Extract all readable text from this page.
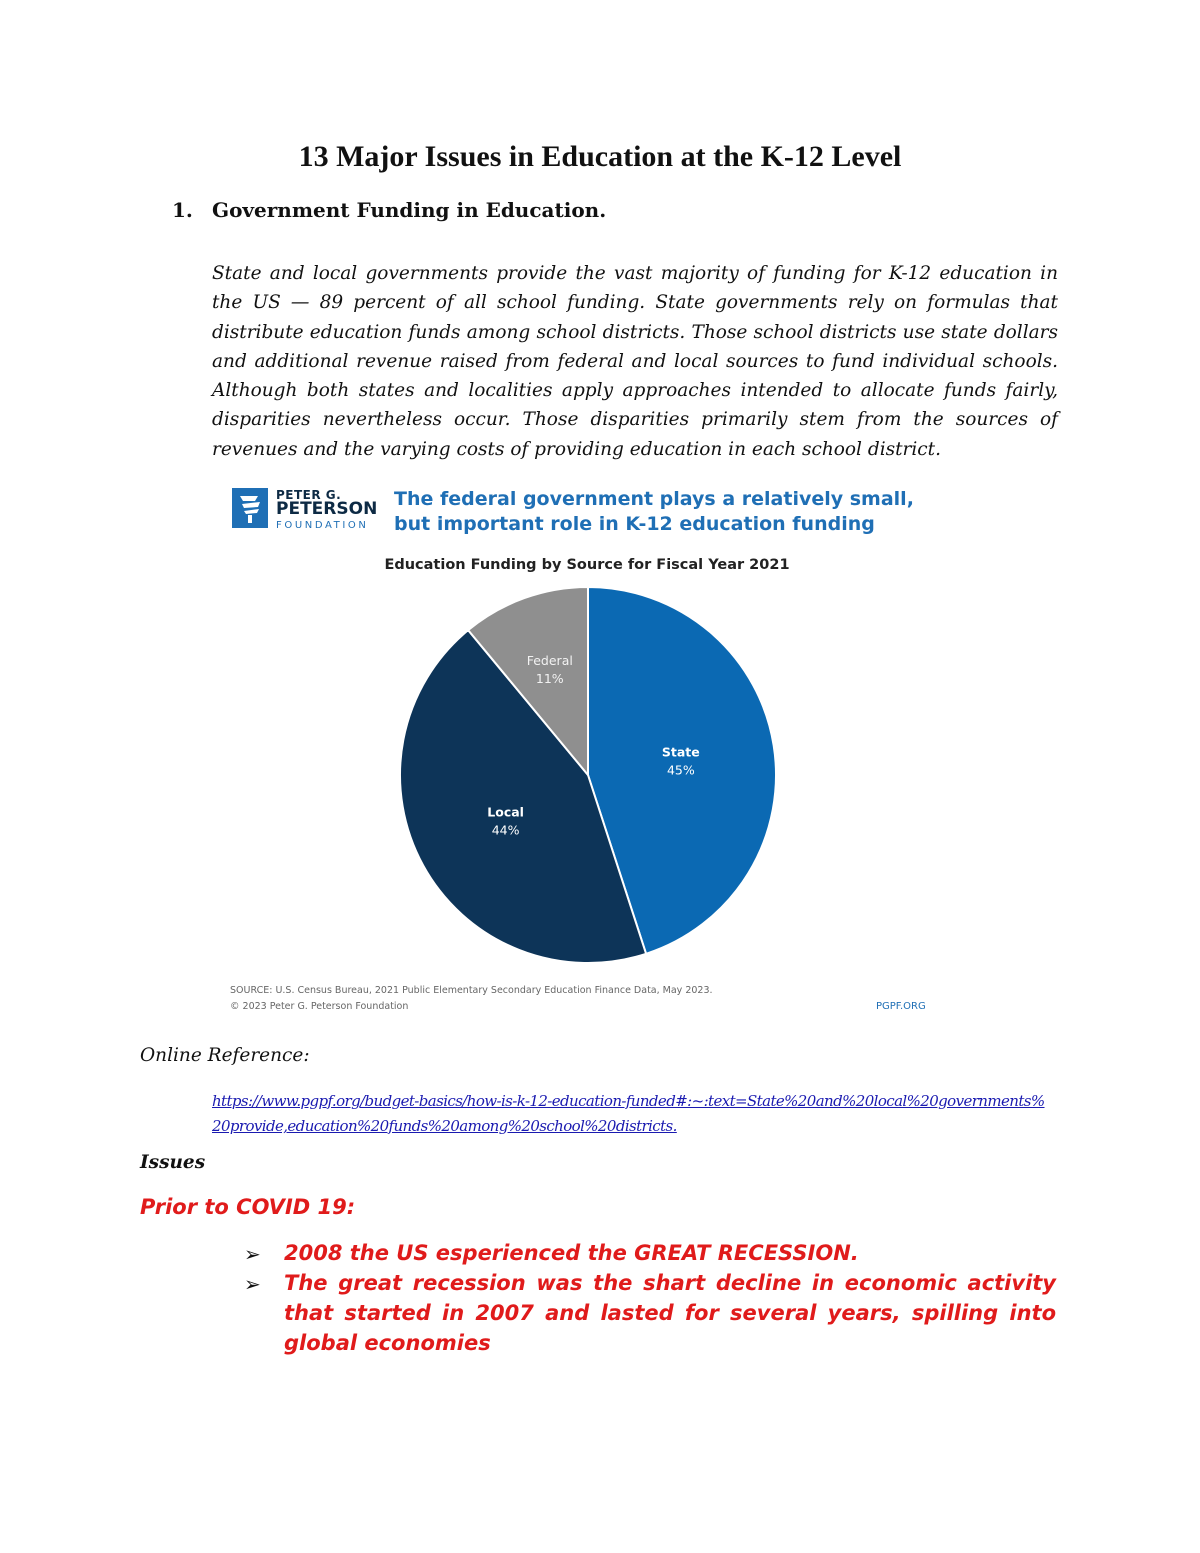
13 Major Issues in Education at the K-12 Level
1. Government Funding in Education.
State and local governments provide the vast majority of funding for K-12 education in the US — 89 percent of all school funding. State governments rely on formulas that distribute education funds among school districts. Those school districts use state dollars and additional revenue raised from federal and local sources to fund individual schools. Although both states and localities apply approaches intended to allocate funds fairly, disparities nevertheless occur. Those disparities primarily stem from the sources of revenues and the varying costs of providing education in each school district.
PETER G.
PETERSON
FOUNDATION
The federal government plays a relatively small, but important role in K-12 education funding
Education Funding by Source for Fiscal Year 2021
State
45%
Local
44%
Federal
11%
SOURCE: U.S. Census Bureau, 2021 Public Elementary Secondary Education Finance Data, May 2023.
© 2023 Peter G. Peterson Foundation	PGPF.ORG
Online Reference:
https://www.pgpf.org/budget-basics/how-is-k-12-education-funded#:~:text=State%20and%20local%20governments%20provide,education%20funds%20among%20school%20districts.
Issues
Prior to COVID 19:
➢ 2008 the US esperienced the GREAT RECESSION.
➢ The great recession was the shart decline in economic activity that started in 2007 and lasted for several years, spilling into global economies
